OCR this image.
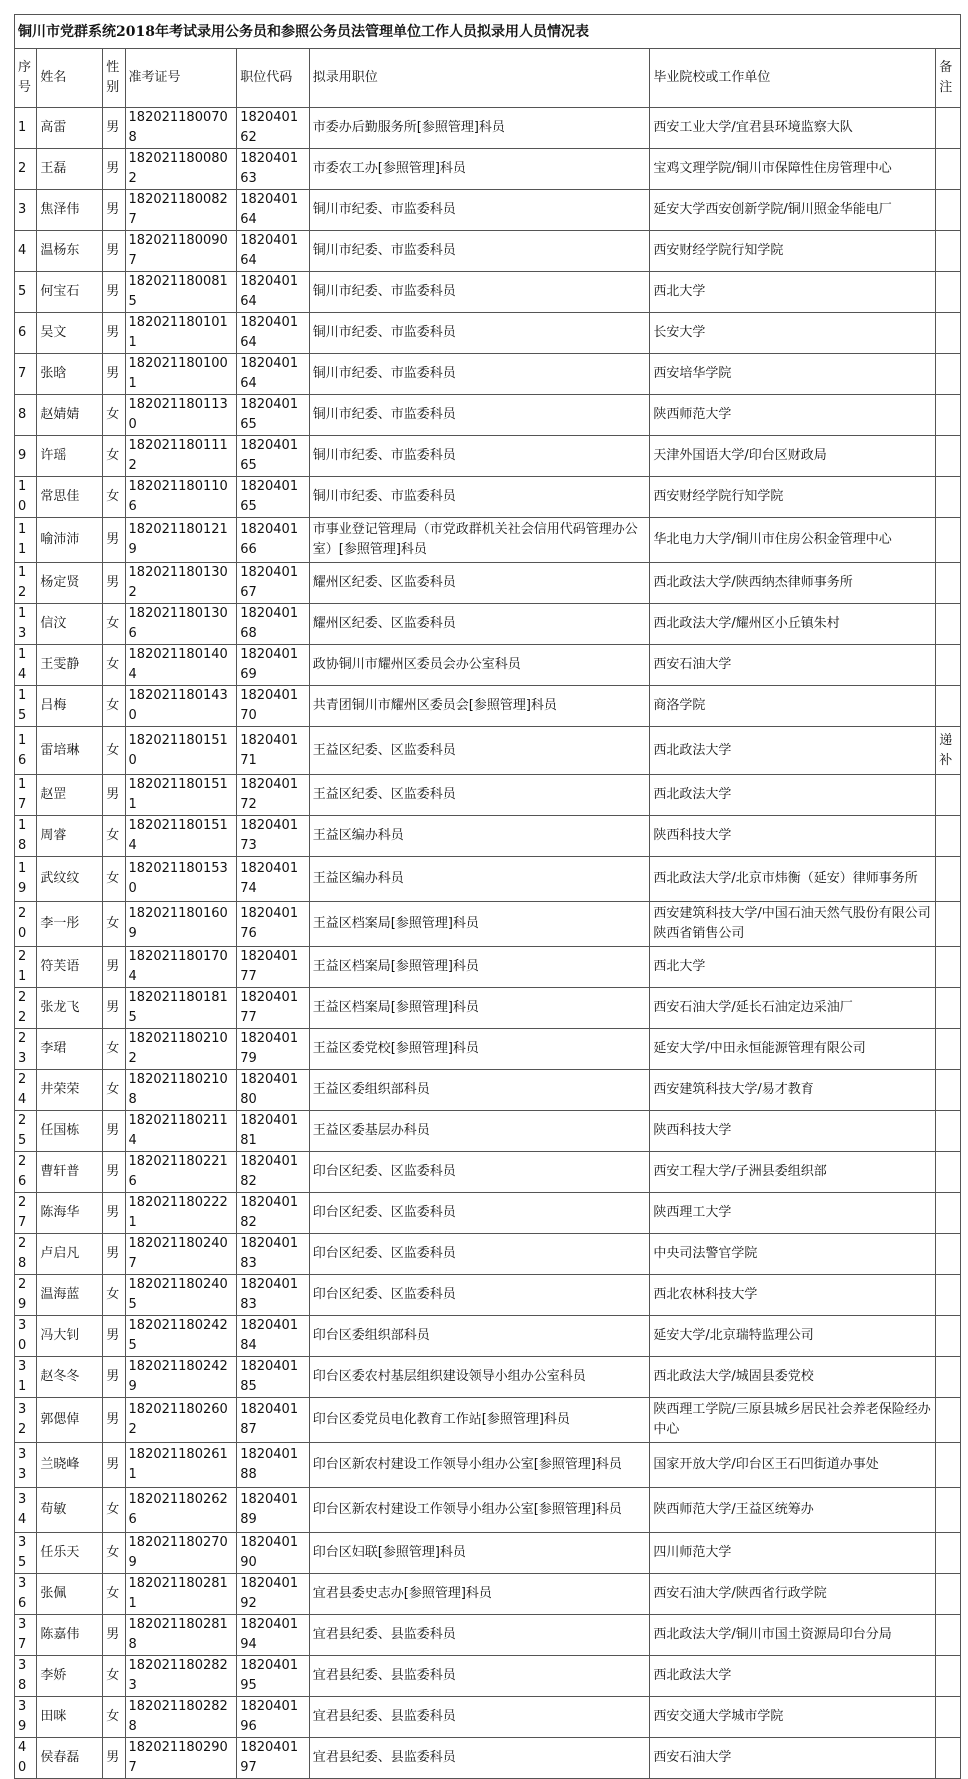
铜川市党群系统2018年考试录用公务员和参照公务员法管理单位工作人员拟录用人员情况表							
序号	姓名	性别	准考证号	职位代码	拟录用职位	毕业院校或工作单位	备注
1	高雷	男	1820211800708	182040162	市委办后勤服务所[参照管理]科员	西安工业大学/宜君县环境监察大队	
2	王磊	男	1820211800802	182040163	市委农工办[参照管理]科员	宝鸡文理学院/铜川市保障性住房管理中心	
3	焦泽伟	男	1820211800827	182040164	铜川市纪委、市监委科员	延安大学西安创新学院/铜川照金华能电厂	
4	温杨东	男	1820211800907	182040164	铜川市纪委、市监委科员	西安财经学院行知学院	
5	何宝石	男	1820211800815	182040164	铜川市纪委、市监委科员	西北大学	
6	吴文	男	1820211801011	182040164	铜川市纪委、市监委科员	长安大学	
7	张晗	男	1820211801001	182040164	铜川市纪委、市监委科员	西安培华学院	
8	赵婧婧	女	1820211801130	182040165	铜川市纪委、市监委科员	陕西师范大学	
9	许瑶	女	1820211801112	182040165	铜川市纪委、市监委科员	天津外国语大学/印台区财政局	
10	常思佳	女	1820211801106	182040165	铜川市纪委、市监委科员	西安财经学院行知学院	
11	喻沛沛	男	1820211801219	182040166	市事业登记管理局（市党政群机关社会信用代码管理办公室）[参照管理]科员	华北电力大学/铜川市住房公积金管理中心	
12	杨定贤	男	1820211801302	182040167	耀州区纪委、区监委科员	西北政法大学/陕西纳杰律师事务所	
13	信汶	女	1820211801306	182040168	耀州区纪委、区监委科员	西北政法大学/耀州区小丘镇朱村	
14	王雯静	女	1820211801404	182040169	政协铜川市耀州区委员会办公室科员	西安石油大学	
15	吕梅	女	1820211801430	182040170	共青团铜川市耀州区委员会[参照管理]科员	商洛学院	
16	雷培琳	女	1820211801510	182040171	王益区纪委、区监委科员	西北政法大学	递补
17	赵罡	男	1820211801511	182040172	王益区纪委、区监委科员	西北政法大学	
18	周睿	女	1820211801514	182040173	王益区编办科员	陕西科技大学	
19	武纹纹	女	1820211801530	182040174	王益区编办科员	西北政法大学/北京市炜衡（延安）律师事务所	
20	李一彤	女	1820211801609	182040176	王益区档案局[参照管理]科员	西安建筑科技大学/中国石油天然气股份有限公司陕西省销售公司	
21	符芙语	男	1820211801704	182040177	王益区档案局[参照管理]科员	西北大学	
22	张龙飞	男	1820211801815	182040177	王益区档案局[参照管理]科员	西安石油大学/延长石油定边采油厂	
23	李珺	女	1820211802102	182040179	王益区委党校[参照管理]科员	延安大学/中田永恒能源管理有限公司	
24	井荣荣	女	1820211802108	182040180	王益区委组织部科员	西安建筑科技大学/易才教育	
25	任国栋	男	1820211802114	182040181	王益区委基层办科员	陕西科技大学	
26	曹轩普	男	1820211802216	182040182	印台区纪委、区监委科员	西安工程大学/子洲县委组织部	
27	陈海华	男	1820211802221	182040182	印台区纪委、区监委科员	陕西理工大学	
28	卢启凡	男	1820211802407	182040183	印台区纪委、区监委科员	中央司法警官学院	
29	温海蓝	女	1820211802405	182040183	印台区纪委、区监委科员	西北农林科技大学	
30	冯大钊	男	1820211802425	182040184	印台区委组织部科员	延安大学/北京瑞特监理公司	
31	赵冬冬	男	1820211802429	182040185	印台区委农村基层组织建设领导小组办公室科员	西北政法大学/城固县委党校	
32	郭偲倬	男	1820211802602	182040187	印台区委党员电化教育工作站[参照管理]科员	陕西理工学院/三原县城乡居民社会养老保险经办中心	
33	兰晓峰	男	1820211802611	182040188	印台区新农村建设工作领导小组办公室[参照管理]科员	国家开放大学/印台区王石凹街道办事处	
34	苟敏	女	1820211802626	182040189	印台区新农村建设工作领导小组办公室[参照管理]科员	陕西师范大学/王益区统筹办	
35	任乐天	女	1820211802709	182040190	印台区妇联[参照管理]科员	四川师范大学	
36	张佩	女	1820211802811	182040192	宜君县委史志办[参照管理]科员	西安石油大学/陕西省行政学院	
37	陈嘉伟	男	1820211802818	182040194	宜君县纪委、县监委科员	西北政法大学/铜川市国土资源局印台分局	
38	李娇	女	1820211802823	182040195	宜君县纪委、县监委科员	西北政法大学	
39	田咪	女	1820211802828	182040196	宜君县纪委、县监委科员	西安交通大学城市学院	
40	侯春磊	男	1820211802907	182040197	宜君县纪委、县监委科员	西安石油大学	
